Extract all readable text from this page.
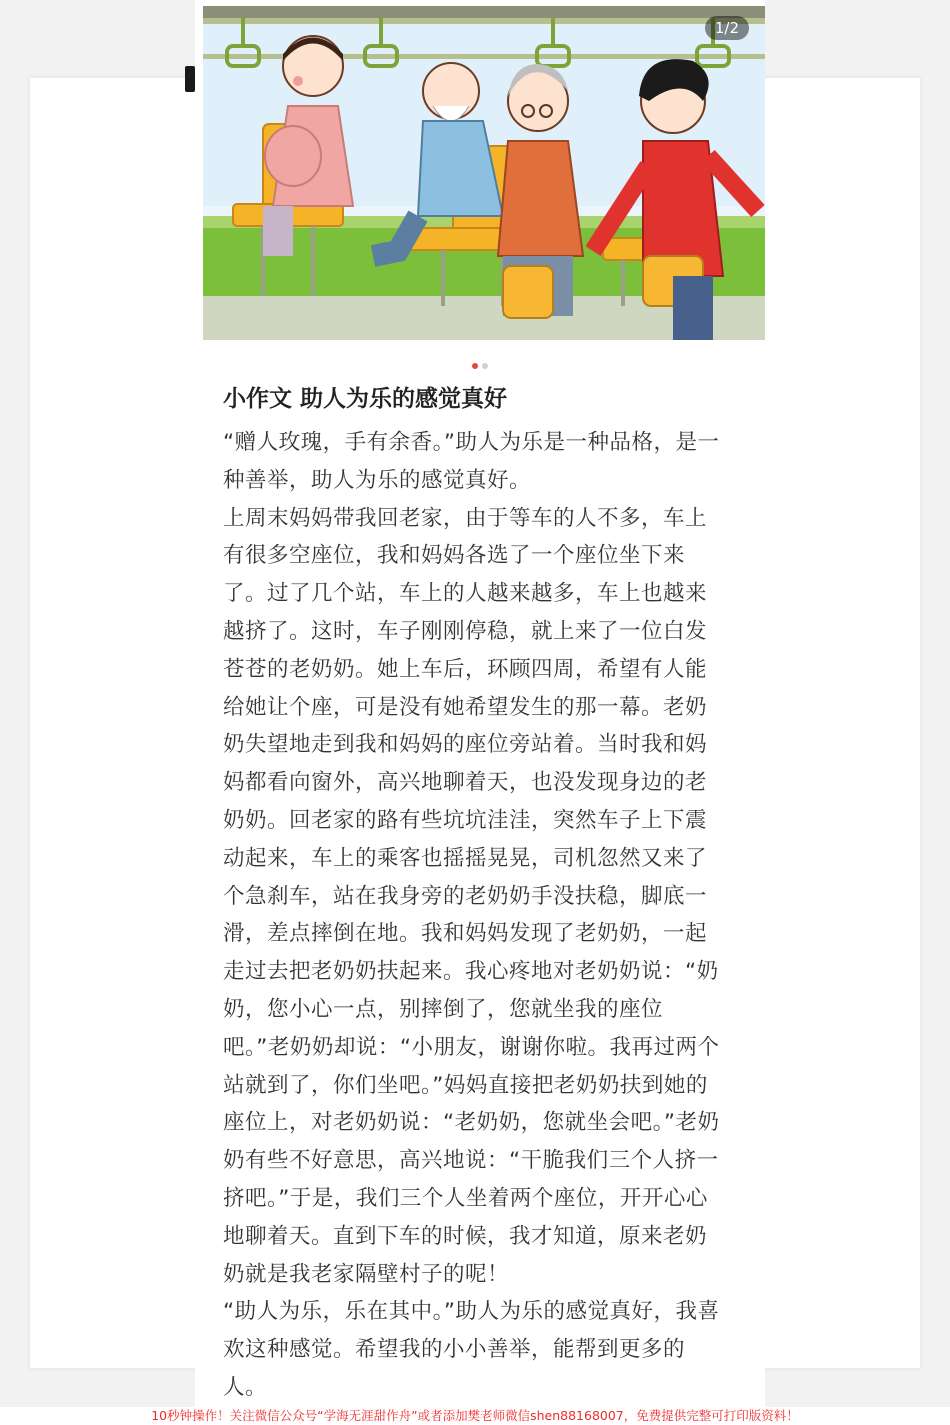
1/2
小作文 助人为乐的感觉真好

“赠人玫瑰，手有余香。”助人为乐是一种品格，是一种善举，助人为乐的感觉真好。

上周末妈妈带我回老家，由于等车的人不多，车上有很多空座位，我和妈妈各选了一个座位坐下来了。过了几个站，车上的人越来越多，车上也越来越挤了。这时，车子刚刚停稳，就上来了一位白发苍苍的老奶奶。她上车后，环顾四周，希望有人能给她让个座，可是没有她希望发生的那一幕。老奶奶失望地走到我和妈妈的座位旁站着。当时我和妈妈都看向窗外，高兴地聊着天，也没发现身边的老奶奶。回老家的路有些坑坑洼洼，突然车子上下震动起来，车上的乘客也摇摇晃晃，司机忽然又来了个急刹车，站在我身旁的老奶奶手没扶稳，脚底一滑，差点摔倒在地。我和妈妈发现了老奶奶，一起走过去把老奶奶扶起来。我心疼地对老奶奶说：“奶奶，您小心一点，别摔倒了，您就坐我的座位吧。”老奶奶却说：“小朋友，谢谢你啦。我再过两个站就到了，你们坐吧。”妈妈直接把老奶奶扶到她的座位上，对老奶奶说：“老奶奶，您就坐会吧。”老奶奶有些不好意思，高兴地说：“干脆我们三个人挤一挤吧。”于是，我们三个人坐着两个座位，开开心心地聊着天。直到下车的时候，我才知道，原来老奶奶就是我老家隔壁村子的呢！

“助人为乐，乐在其中。”助人为乐的感觉真好，我喜欢这种感觉。希望我的小小善举，能帮到更多的人。

10秒钟操作！关注微信公众号“学海无涯甜作舟”或者添加樊老师微信shen88168007，免费提供完整可打印版资料！
